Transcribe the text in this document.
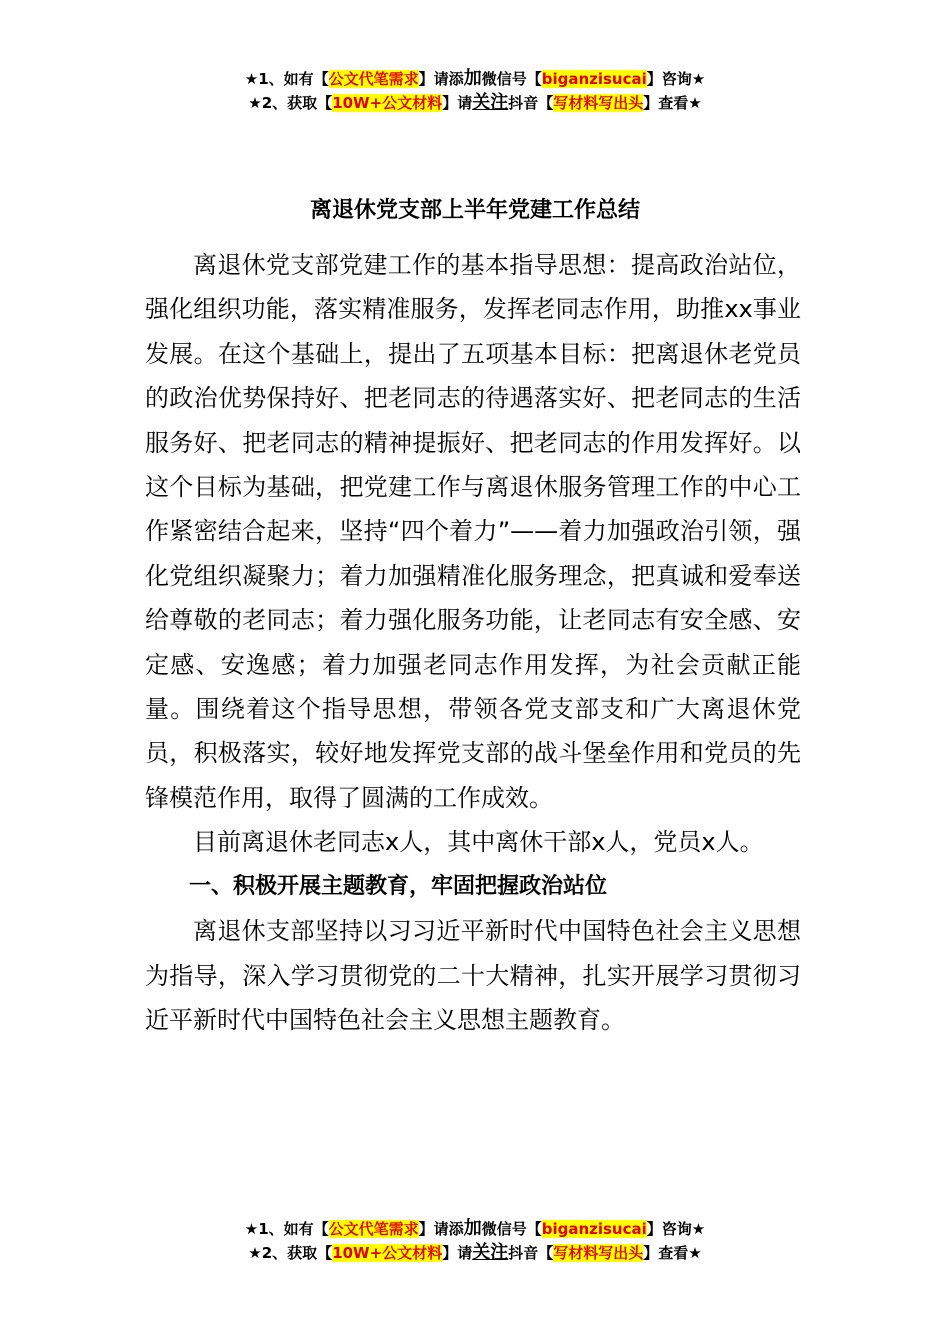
★1、如有【公文代笔需求】请添加微信号【biganzisucai】咨询★
★2、获取【10W+公文材料】请关注抖音【写材料写出头】查看★
离退休党支部上半年党建工作总结

离退休党支部党建工作的基本指导思想：提高政治站位，强化组织功能，落实精准服务，发挥老同志作用，助推xx事业发展。在这个基础上，提出了五项基本目标：把离退休老党员的政治优势保持好、把老同志的待遇落实好、把老同志的生活服务好、把老同志的精神提振好、把老同志的作用发挥好。以这个目标为基础，把党建工作与离退休服务管理工作的中心工作紧密结合起来，坚持“四个着力”——着力加强政治引领，强化党组织凝聚力；着力加强精准化服务理念，把真诚和爱奉送给尊敬的老同志；着力强化服务功能，让老同志有安全感、安定感、安逸感；着力加强老同志作用发挥，为社会贡献正能量。围绕着这个指导思想，带领各党支部支和广大离退休党员，积极落实，较好地发挥党支部的战斗堡垒作用和党员的先锋模范作用，取得了圆满的工作成效。

目前离退休老同志x人，其中离休干部x人，党员x人。

一、积极开展主题教育，牢固把握政治站位

离退休支部坚持以习习近平新时代中国特色社会主义思想为指导，深入学习贯彻党的二十大精神，扎实开展学习贯彻习近平新时代中国特色社会主义思想主题教育。

★1、如有【公文代笔需求】请添加微信号【biganzisucai】咨询★
★2、获取【10W+公文材料】请关注抖音【写材料写出头】查看★
